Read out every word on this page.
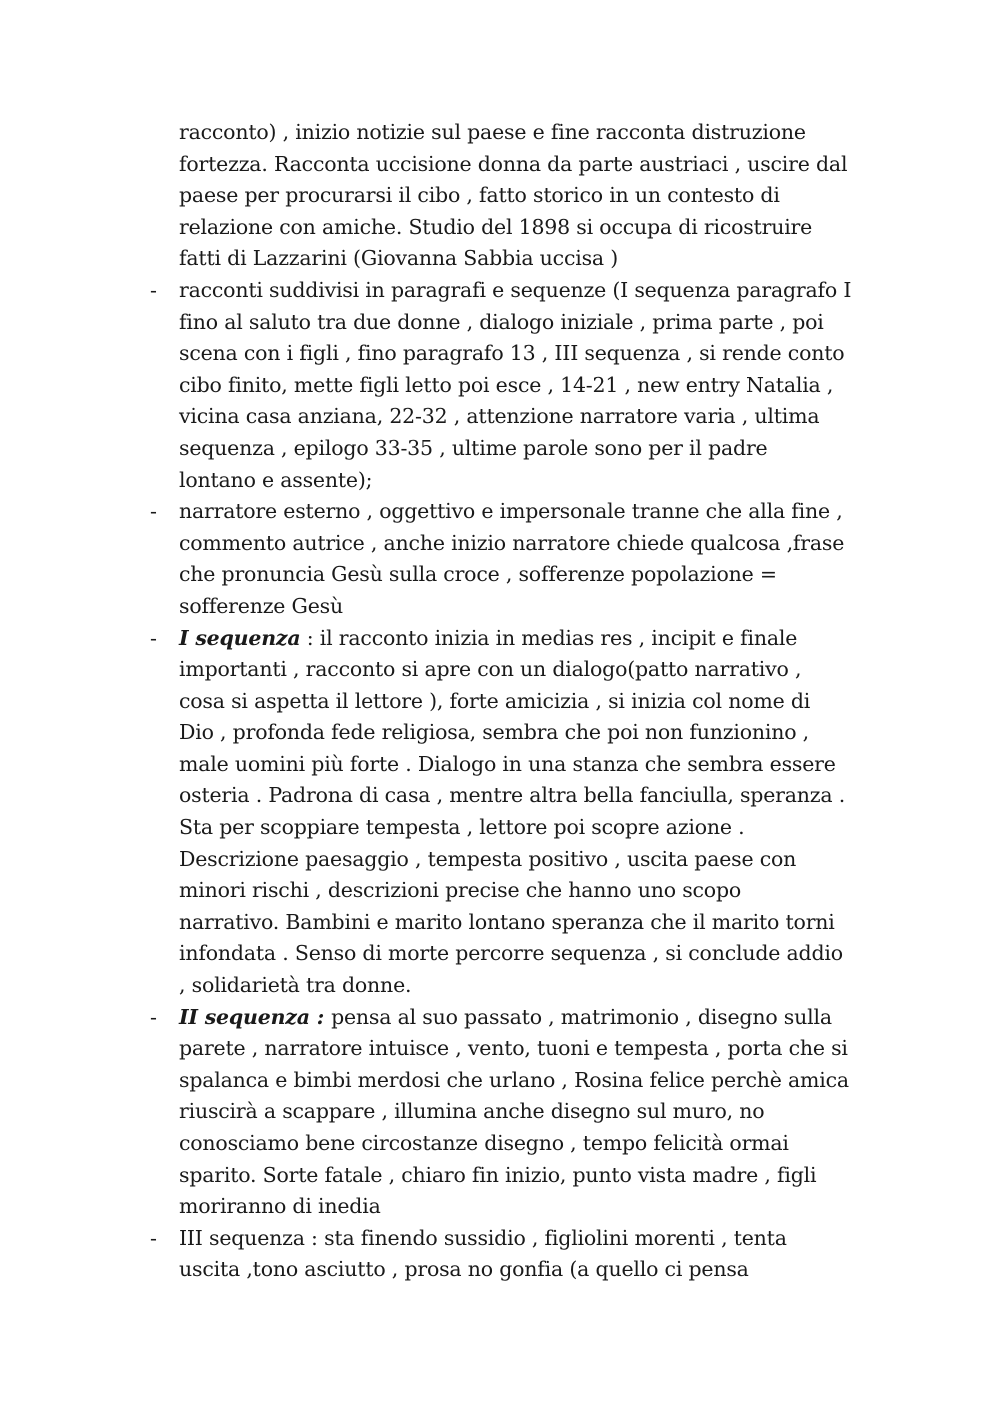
racconto) , inizio notizie sul paese e fine racconta distruzione
fortezza. Racconta uccisione donna da parte austriaci , uscire dal
paese per procurarsi il cibo , fatto storico in un contesto di
relazione con amiche. Studio del 1898 si occupa di ricostruire
fatti di Lazzarini (Giovanna Sabbia uccisa )

-	racconti suddivisi in paragrafi e sequenze (I sequenza paragrafo I
fino al saluto tra due donne , dialogo iniziale , prima parte , poi
scena con i figli , fino paragrafo 13 , III sequenza , si rende conto
cibo finito, mette figli letto poi esce , 14-21 , new entry Natalia ,
vicina casa anziana, 22-32 , attenzione narratore varia , ultima
sequenza , epilogo 33-35 , ultime parole sono per il padre
lontano e assente);
-	narratore esterno , oggettivo e impersonale tranne che alla fine ,
commento autrice , anche inizio narratore chiede qualcosa ,frase
che pronuncia Gesù sulla croce , sofferenze popolazione =
sofferenze Gesù
-	I sequenza : il racconto inizia in medias res , incipit e finale
importanti , racconto si apre con un dialogo(patto narrativo ,
cosa si aspetta il lettore ), forte amicizia , si inizia col nome di
Dio , profonda fede religiosa, sembra che poi non funzionino ,
male uomini più forte . Dialogo in una stanza che sembra essere
osteria . Padrona di casa , mentre altra bella fanciulla, speranza .
Sta per scoppiare tempesta , lettore poi scopre azione .
Descrizione paesaggio , tempesta positivo , uscita paese con
minori rischi , descrizioni precise che hanno uno scopo
narrativo. Bambini e marito lontano speranza che il marito torni
infondata . Senso di morte percorre sequenza , si conclude addio
, solidarietà tra donne.
-	II sequenza : pensa al suo passato , matrimonio , disegno sulla
parete , narratore intuisce , vento, tuoni e tempesta , porta che si
spalanca e bimbi merdosi che urlano , Rosina felice perchè amica
riuscirà a scappare , illumina anche disegno sul muro, no
conosciamo bene circostanze disegno , tempo felicità ormai
sparito. Sorte fatale , chiaro fin inizio, punto vista madre , figli
moriranno di inedia
-	III sequenza : sta finendo sussidio , figliolini morenti , tenta
uscita ,tono asciutto , prosa no gonfia (a quello ci pensa
